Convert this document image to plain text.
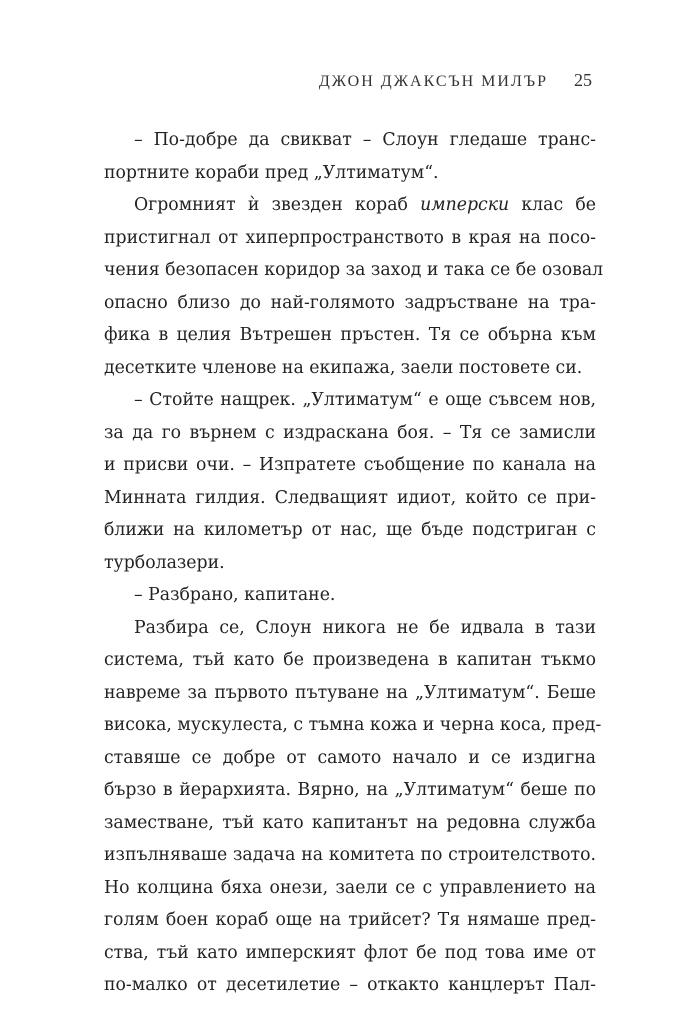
ДЖОН ДЖАКСЪН МИЛЪР 25
– По-добре да свикват – Слоун гледаше транс-
портните кораби пред „Ултиматум“.
Огромният ѝ звезден кораб имперски клас бе
пристигнал от хиперпространството в края на посо-
чения безопасен коридор за заход и така се бе озовал
опасно близо до най-голямото задръстване на тра-
фика в целия Вътрешен пръстен. Тя се обърна към
десетките членове на екипажа, заели постовете си.
– Стойте нащрек. „Ултиматум“ е още съвсем нов,
за да го върнем с издраскана боя. – Тя се замисли
и присви очи. – Изпратете съобщение по канала на
Минната гилдия. Следващият идиот, който се при-
ближи на километър от нас, ще бъде подстриган с
турболазери.
– Разбрано, капитане.
Разбира се, Слоун никога не бе идвала в тази
система, тъй като бе произведена в капитан тъкмо
навреме за първото пътуване на „Ултиматум“. Беше
висока, мускулеста, с тъмна кожа и черна коса, пред-
ставяше се добре от самото начало и се издигна
бързо в йерархията. Вярно, на „Ултиматум“ беше по
заместване, тъй като капитанът на редовна служба
изпълняваше задача на комитета по строителството.
Но колцина бяха онези, заели се с управлението на
голям боен кораб още на трийсет? Тя нямаше пред-
ства, тъй като имперският флот бе под това име от
по-малко от десетилетие – откакто канцлерът Пал-
